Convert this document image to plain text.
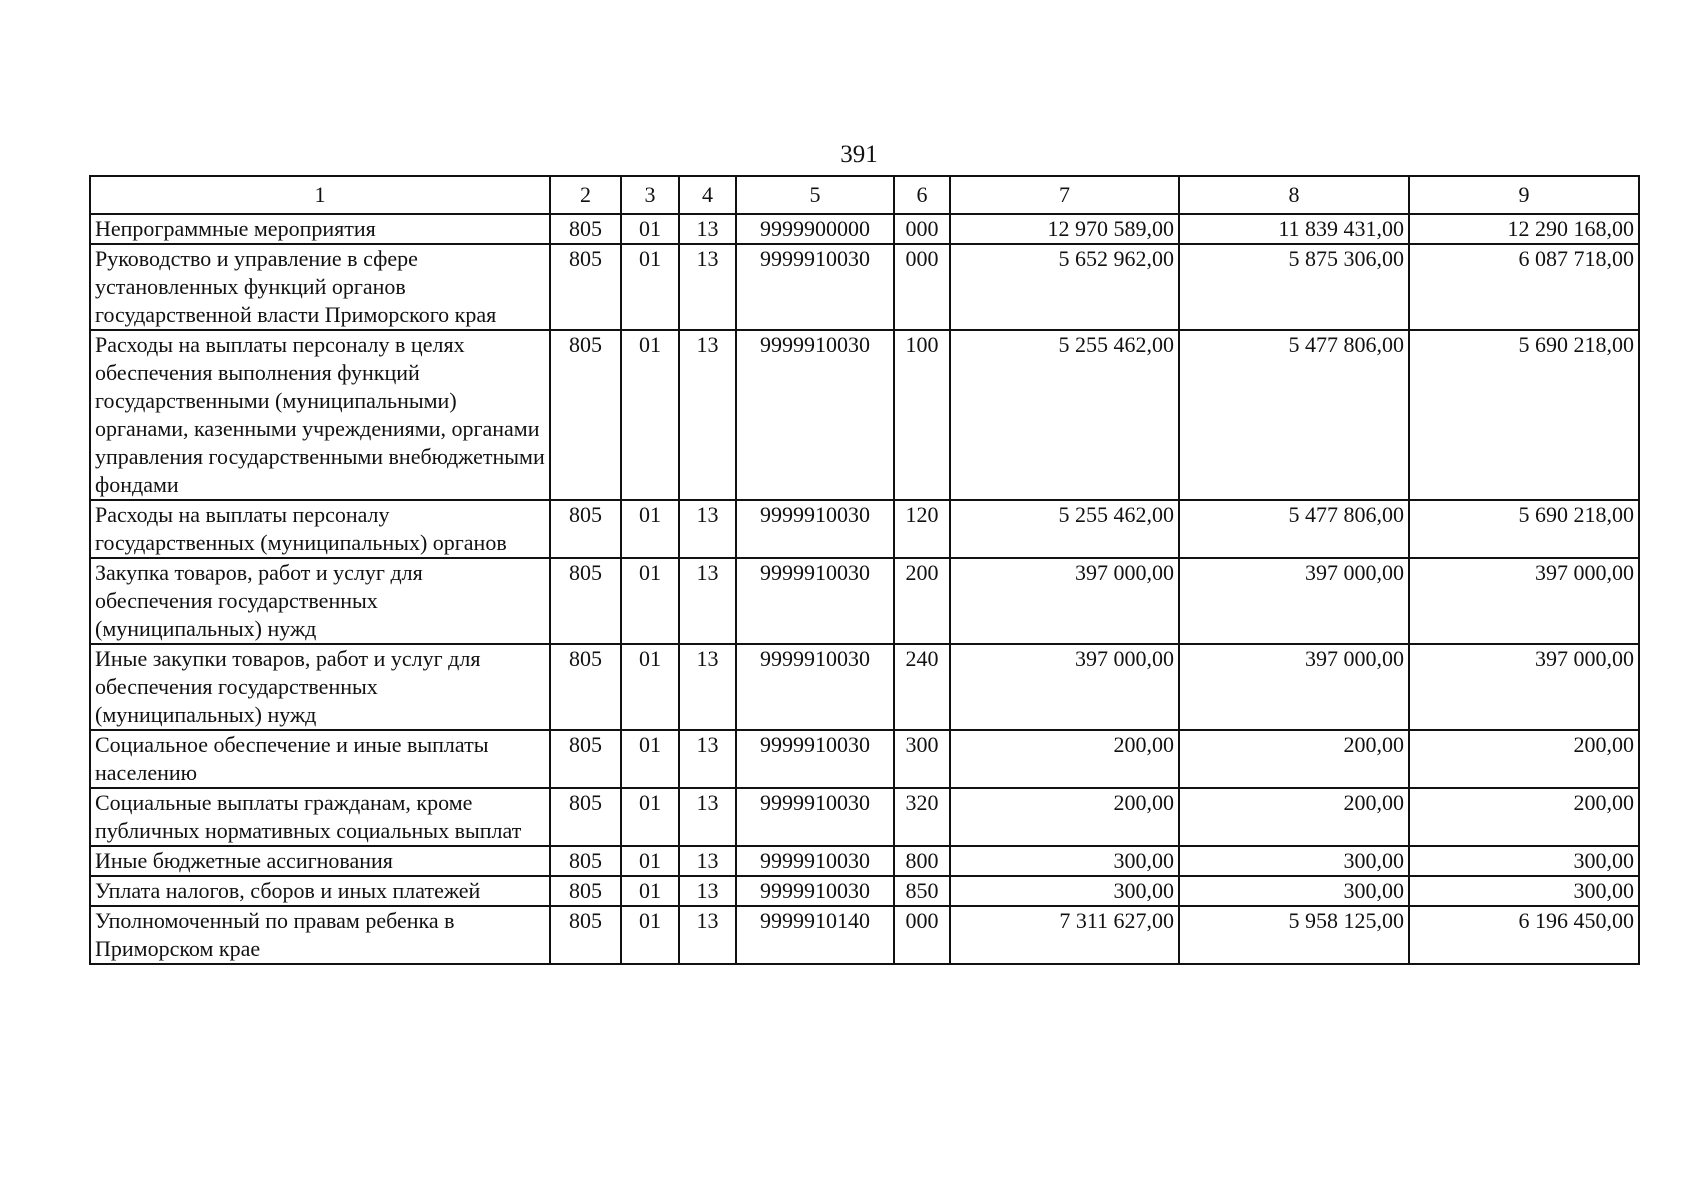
391
1	2	3	4	5	6	7	8	9
Непрограммные мероприятия	805	01	13	9999900000	000	12 970 589,00	11 839 431,00	12 290 168,00
Руководство и управление в сфере установленных функций органов государственной власти Приморского края	805	01	13	9999910030	000	5 652 962,00	5 875 306,00	6 087 718,00
Расходы на выплаты персоналу в целях обеспечения выполнения функций государственными (муниципальными) органами, казенными учреждениями, органами управления государственными внебюджетными фондами	805	01	13	9999910030	100	5 255 462,00	5 477 806,00	5 690 218,00
Расходы на выплаты персоналу государственных (муниципальных) органов	805	01	13	9999910030	120	5 255 462,00	5 477 806,00	5 690 218,00
Закупка товаров, работ и услуг для обеспечения государственных (муниципальных) нужд	805	01	13	9999910030	200	397 000,00	397 000,00	397 000,00
Иные закупки товаров, работ и услуг для обеспечения государственных (муниципальных) нужд	805	01	13	9999910030	240	397 000,00	397 000,00	397 000,00
Социальное обеспечение и иные выплаты населению	805	01	13	9999910030	300	200,00	200,00	200,00
Социальные выплаты гражданам, кроме публичных нормативных социальных выплат	805	01	13	9999910030	320	200,00	200,00	200,00
Иные бюджетные ассигнования	805	01	13	9999910030	800	300,00	300,00	300,00
Уплата налогов, сборов и иных платежей	805	01	13	9999910030	850	300,00	300,00	300,00
Уполномоченный по правам ребенка в Приморском крае	805	01	13	9999910140	000	7 311 627,00	5 958 125,00	6 196 450,00
